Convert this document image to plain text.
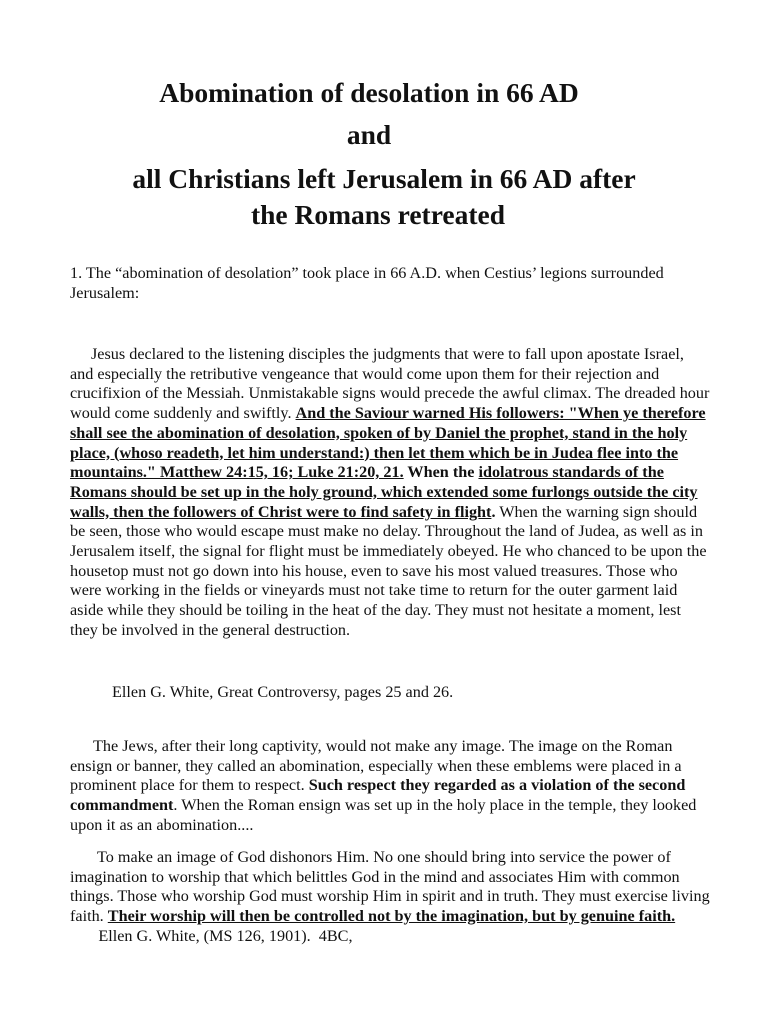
Abomination of desolation in 66 AD
and
all Christians left Jerusalem in 66 AD after
the Romans retreated

1. The “abomination of desolation” took place in 66 A.D. when Cestius’ legions surrounded Jerusalem:

Jesus declared to the listening disciples the judgments that were to fall upon apostate Israel, and especially the retributive vengeance that would come upon them for their rejection and crucifixion of the Messiah. Unmistakable signs would precede the awful climax. The dreaded hour would come suddenly and swiftly. And the Saviour warned His followers: "When ye therefore shall see the abomination of desolation, spoken of by Daniel the prophet, stand in the holy place, (whoso readeth, let him understand:) then let them which be in Judea flee into the mountains." Matthew 24:15, 16; Luke 21:20, 21. When the idolatrous standards of the Romans should be set up in the holy ground, which extended some furlongs outside the city walls, then the followers of Christ were to find safety in flight. When the warning sign should be seen, those who would escape must make no delay. Throughout the land of Judea, as well as in Jerusalem itself, the signal for flight must be immediately obeyed. He who chanced to be upon the housetop must not go down into his house, even to save his most valued treasures. Those who were working in the fields or vineyards must not take time to return for the outer garment laid aside while they should be toiling in the heat of the day. They must not hesitate a moment, lest they be involved in the general destruction.

Ellen G. White, Great Controversy, pages 25 and 26.

The Jews, after their long captivity, would not make any image. The image on the Roman ensign or banner, they called an abomination, especially when these emblems were placed in a prominent place for them to respect. Such respect they regarded as a violation of the second commandment. When the Roman ensign was set up in the holy place in the temple, they looked upon it as an abomination....

To make an image of God dishonors Him. No one should bring into service the power of imagination to worship that which belittles God in the mind and associates Him with common things. Those who worship God must worship Him in spirit and in truth. They must exercise living faith. Their worship will then be controlled not by the imagination, but by genuine faith.       Ellen G. White, (MS 126, 1901).  4BC,
